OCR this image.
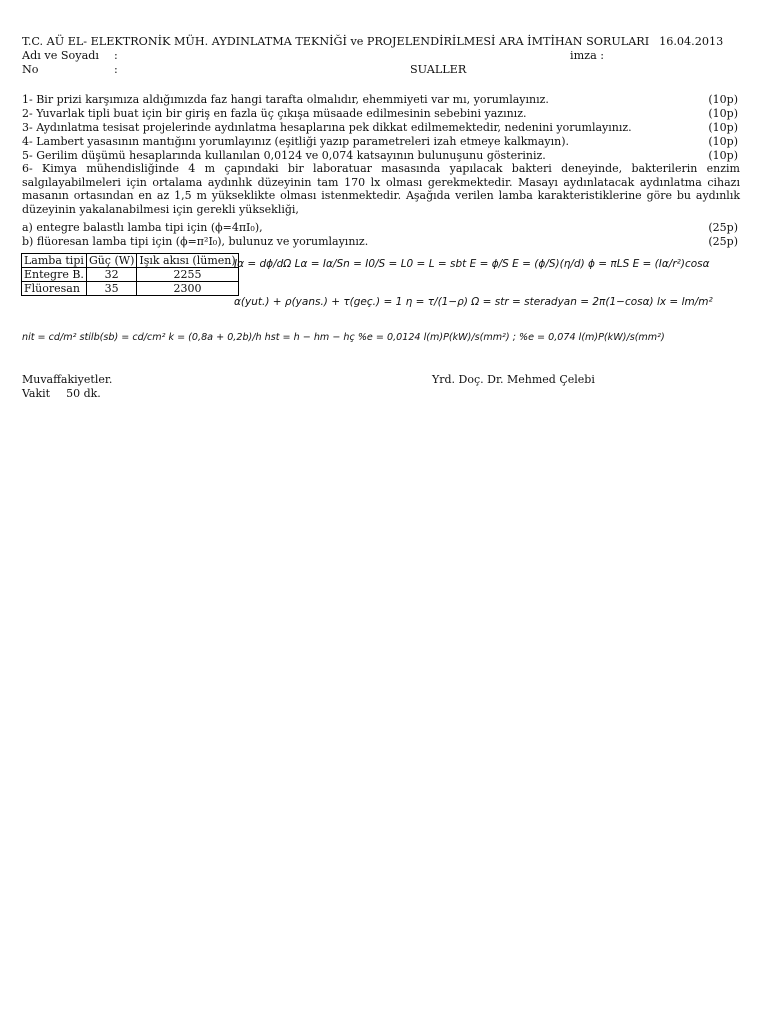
T.C. AÜ EL- ELEKTRONİK MÜH. AYDINLATMA TEKNİĞİ ve PROJELENDİRİLMESİ ARA İMTİHAN SORULARI 16.04.2013
Adı ve Soyadı :	imza :
No	:	SUALLER
1- Bir prizi karşımıza aldığımızda faz hangi tarafta olmalıdır, ehemmiyeti var mı, yorumlayınız.	(10p)
2- Yuvarlak tipli buat için bir giriş en fazla üç çıkışa müsaade edilmesinin sebebini yazınız.	(10p)
3- Aydınlatma tesisat projelerinde aydınlatma hesaplarına pek dikkat edilmemektedir, nedenini yorumlayınız.	(10p)
4- Lambert yasasının mantığını yorumlayınız (eşitliği yazıp parametreleri izah etmeye kalkmayın).	(10p)
5- Gerilim düşümü hesaplarında kullanılan 0,0124 ve 0,074 katsayının bulunuşunu gösteriniz.	(10p)
6- Kimya mühendisliğinde 4 m çapındaki bir laboratuar masasında yapılacak bakteri deneyinde, bakterilerin enzim salgılayabilmeleri için ortalama aydınlık düzeyinin tam 170 lx olması gerekmektedir. Masayı aydınlatacak aydınlatma cihazı masanın ortasından en az 1,5 m yükseklikte olması istenmektedir. Aşağıda verilen lamba karakteristiklerine göre bu aydınlık düzeyinin yakalanabilmesi için gerekli yüksekliği,
a) entegre balastlı lamba tipi için (ϕ=4πI₀),	(25p)
b) flüoresan lamba tipi için (ϕ=π²I₀), bulunuz ve yorumlayınız.	(25p)
Lamba tipi	Güç (W)	Işık akısı (lümen)
Entegre B.	32	2255
Flüoresan	35	2300
Iα = dϕ/dΩ Lα = Iα/Sn = I0/S = L0 = L = sbt E = ϕ/S E = (ϕ/S)(η/d) ϕ = πLS E = (Iα/r²)cosα
α(yut.) + ρ(yans.) + τ(geç.) = 1 η = τ/(1−ρ) Ω = str = steradyan = 2π(1−cosα) lx = lm/m²
nit = cd/m² stilb(sb) = cd/cm² k = (0,8a + 0,2b)/h hst = h − hm − hç %e = 0,0124 l(m)P(kW)/s(mm²) ; %e = 0,074 l(m)P(kW)/s(mm²)
Muvaffakiyetler.
Vakit 50 dk.
Yrd. Doç. Dr. Mehmed Çelebi
